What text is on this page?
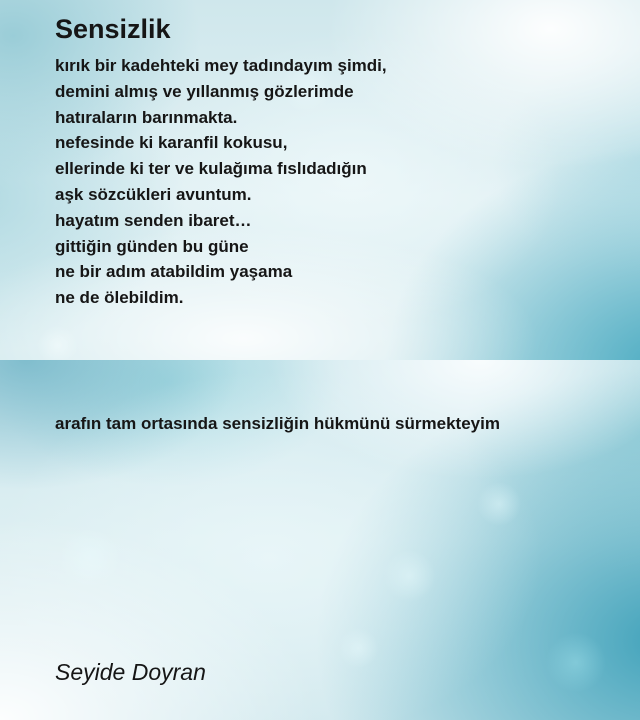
Sensizlik
kırık bir kadehteki mey tadındayım şimdi,
demini almış ve yıllanmış gözlerimde
hatıraların barınmakta.
nefesinde ki karanfil kokusu,
ellerinde ki ter ve kulağıma fıslıdadığın
aşk sözcükleri avuntum.
hayatım senden ibaret…
gittiğin günden bu güne
ne bir adım atabildim yaşama
ne de ölebildim.
arafın tam ortasında sensizliğin hükmünü sürmekteyim
Seyide Doyran
